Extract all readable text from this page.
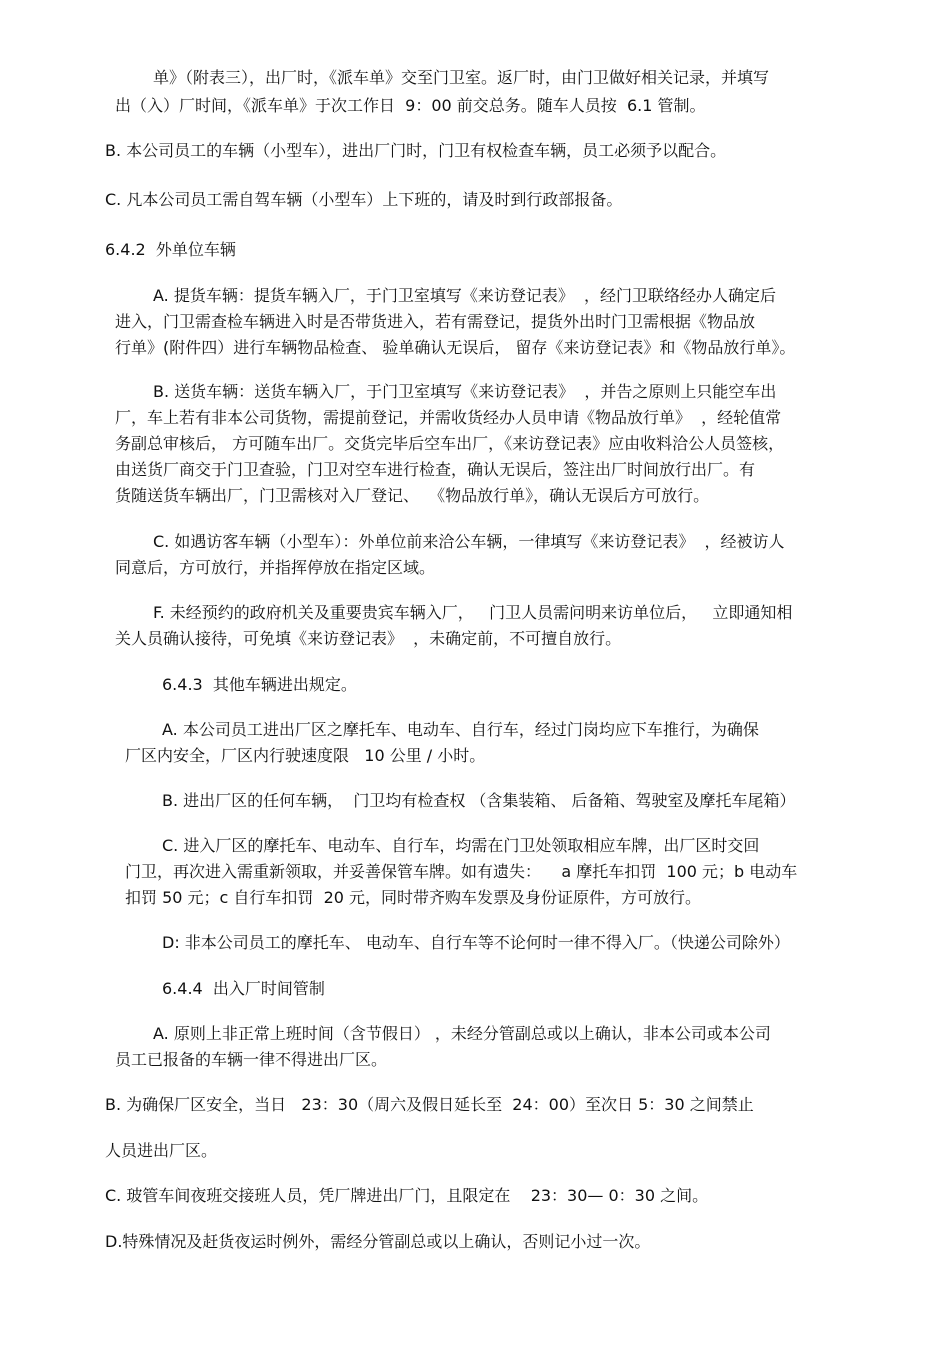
单》（附表三），出厂时，《派车单》交至门卫室。返厂时，由门卫做好相关记录，并填写

出（入）厂时间，《派车单》于次工作日  9：00 前交总务。随车人员按  6.1 管制。

B. 本公司员工的车辆（小型车），进出厂门时，门卫有权检查车辆，员工必须予以配合。

C. 凡本公司员工需自驾车辆（小型车）上下班的，请及时到行政部报备。

6.4.2  外单位车辆

A. 提货车辆：提货车辆入厂，于门卫室填写《来访登记表》  ，经门卫联络经办人确定后

进入，门卫需查检车辆进入时是否带货进入，若有需登记，提货外出时门卫需根据《物品放

行单》(附件四）进行车辆物品检查、 验单确认无误后， 留存《来访登记表》和《物品放行单》。

B. 送货车辆：送货车辆入厂，于门卫室填写《来访登记表》  ，并告之原则上只能空车出

厂，车上若有非本公司货物，需提前登记，并需收货经办人员申请《物品放行单》  ，经轮值常

务副总审核后， 方可随车出厂。交货完毕后空车出厂，《来访登记表》应由收料洽公人员签核，

由送货厂商交于门卫查验，门卫对空车进行检查，确认无误后，签注出厂时间放行出厂。有

货随送货车辆出厂，门卫需核对入厂登记、  《物品放行单》，确认无误后方可放行。

C. 如遇访客车辆（小型车）：外单位前来洽公车辆，一律填写《来访登记表》  ，经被访人

同意后，方可放行，并指挥停放在指定区域。

F. 未经预约的政府机关及重要贵宾车辆入厂，   门卫人员需问明来访单位后，   立即通知相

关人员确认接待，可免填《来访登记表》  ，未确定前，不可擅自放行。

6.4.3  其他车辆进出规定。

A. 本公司员工进出厂区之摩托车、电动车、自行车，经过门岗均应下车推行，为确保

厂区内安全，厂区内行驶速度限   10 公里 / 小时。

B. 进出厂区的任何车辆，  门卫均有检查权 （含集装箱、 后备箱、驾驶室及摩托车尾箱）

C. 进入厂区的摩托车、电动车、自行车，均需在门卫处领取相应车牌，出厂区时交回

门卫，再次进入需重新领取，并妥善保管车牌。如有遗失：    a 摩托车扣罚  100 元；b 电动车

扣罚 50 元；c 自行车扣罚  20 元，同时带齐购车发票及身份证原件，方可放行。

D: 非本公司员工的摩托车、 电动车、自行车等不论何时一律不得入厂。（快递公司除外）

6.4.4  出入厂时间管制

A. 原则上非正常上班时间（含节假日） ，未经分管副总或以上确认，非本公司或本公司

员工已报备的车辆一律不得进出厂区。

B. 为确保厂区安全，当日   23：30（周六及假日延长至  24：00）至次日 5：30 之间禁止

人员进出厂区。

C. 玻管车间夜班交接班人员，凭厂牌进出厂门，且限定在    23：30— 0：30 之间。

D.特殊情况及赶货夜运时例外，需经分管副总或以上确认，否则记小过一次。
